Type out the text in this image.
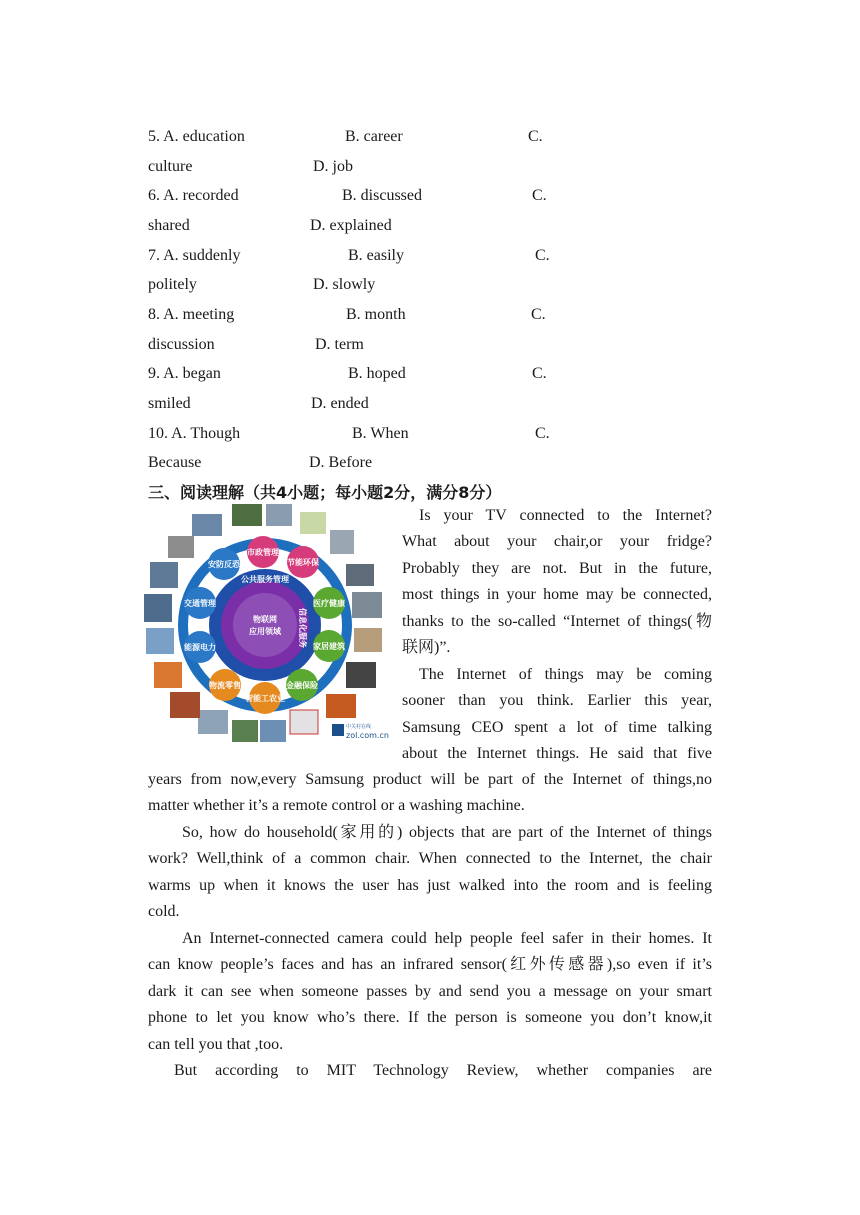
5. A. education	B. career	C.
culture	D. job
6. A. recorded	B. discussed	C.
shared	D. explained
7. A. suddenly	B. easily	C.
politely	D. slowly
8. A. meeting	B. month	C.
discussion	D. term
9. A. began	B. hoped	C.
smiled	D. ended
10. A. Though	B. When	C.
Because	D. Before
三、阅读理解（共4小题；每小题2分，满分8分）
公共服务管理
物联网
应用领域 信息化服务
市政管理
节能环保
医疗健康
家居建筑
金融保险
智能工农业
物流零售
能源电力
交通管理
安防反恐
中关村在线
zol.com.cn
Is your TV connected to the Internet?
What about your chair,or your fridge?
Probably they are not. But in the future,
most things in your home may be connected,
thanks to the so-called “Internet of things(物
联网)”.
The Internet of things may be coming
sooner than you think. Earlier this year,
Samsung CEO spent a lot of time talking
about the Internet things. He said that five
years from now,every Samsung product will be part of the Internet of things,no
matter whether it’s a remote control or a washing machine.
So, how do household(家用的) objects that are part of the Internet of things
work? Well,think of a common chair. When connected to the Internet, the chair
warms up when it knows the user has just walked into the room and is feeling
cold.
An Internet-connected camera could help people feel safer in their homes. It
can know people’s faces and has an infrared sensor(红外传感器),so even if it’s
dark it can see when someone passes by and send you a message on your smart
phone to let you know who’s there. If the person is someone you don’t know,it
can tell you that ,too.
But according to MIT Technology Review, whether companies are
